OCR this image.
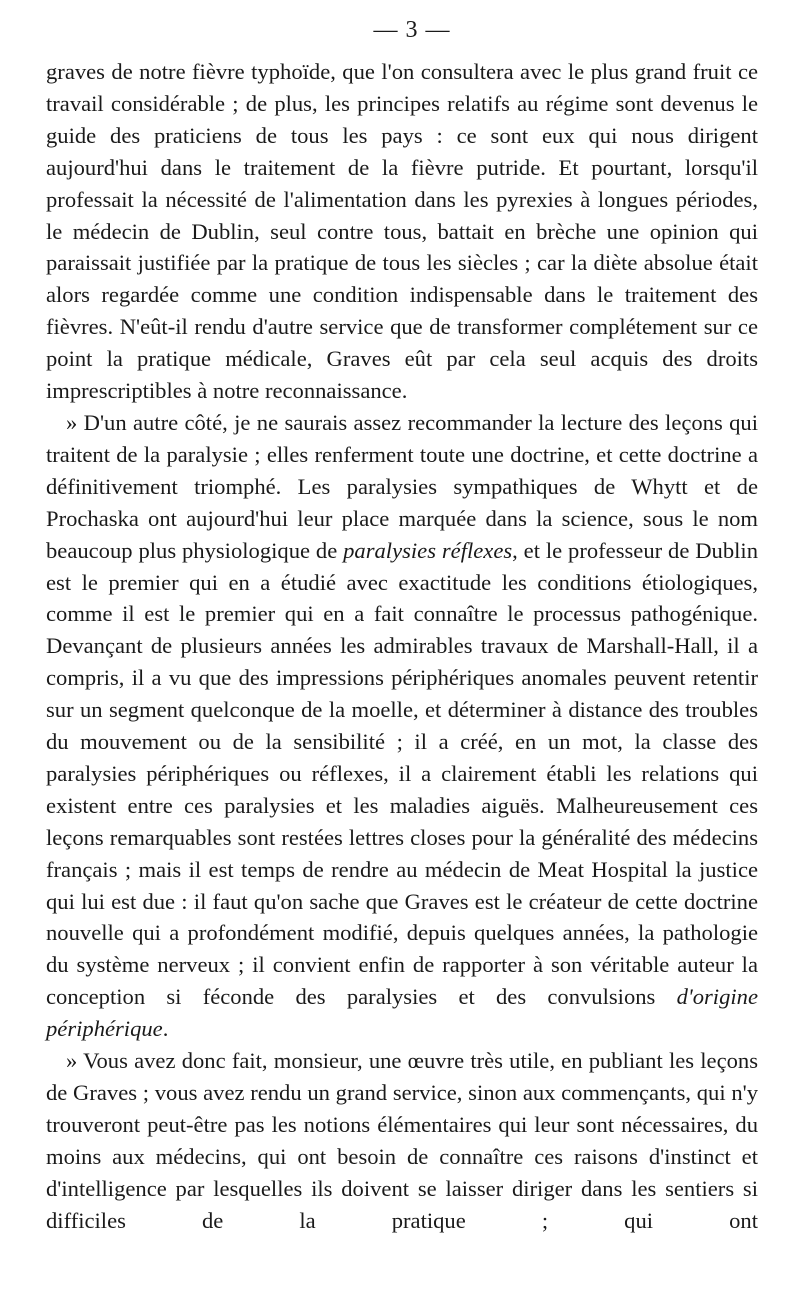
— 3 —

graves de notre fièvre typhoïde, que l'on consultera avec le plus grand fruit ce travail considérable ; de plus, les principes relatifs au régime sont devenus le guide des praticiens de tous les pays : ce sont eux qui nous dirigent aujourd'hui dans le traitement de la fièvre putride. Et pourtant, lorsqu'il professait la nécessité de l'alimentation dans les pyrexies à longues périodes, le médecin de Dublin, seul contre tous, battait en brèche une opinion qui paraissait justifiée par la pratique de tous les siècles ; car la diète absolue était alors regardée comme une condition indispensable dans le traitement des fièvres. N'eût-il rendu d'autre service que de transformer complétement sur ce point la pratique médicale, Graves eût par cela seul acquis des droits imprescriptibles à notre reconnaissance.

» D'un autre côté, je ne saurais assez recommander la lecture des leçons qui traitent de la paralysie ; elles renferment toute une doctrine, et cette doctrine a définitivement triomphé. Les paralysies sympathiques de Whytt et de Prochaska ont aujourd'hui leur place marquée dans la science, sous le nom beaucoup plus physiologique de paralysies réflexes, et le professeur de Dublin est le premier qui en a étudié avec exactitude les conditions étiologiques, comme il est le premier qui en a fait connaître le processus pathogénique. Devançant de plusieurs années les admirables travaux de Marshall-Hall, il a compris, il a vu que des impressions périphériques anomales peuvent retentir sur un segment quelconque de la moelle, et déterminer à distance des troubles du mouvement ou de la sensibilité ; il a créé, en un mot, la classe des paralysies périphériques ou réflexes, il a clairement établi les relations qui existent entre ces paralysies et les maladies aiguës. Malheureusement ces leçons remarquables sont restées lettres closes pour la généralité des médecins français ; mais il est temps de rendre au médecin de Meat Hospital la justice qui lui est due : il faut qu'on sache que Graves est le créateur de cette doctrine nouvelle qui a profondément modifié, depuis quelques années, la pathologie du système nerveux ; il convient enfin de rapporter à son véritable auteur la conception si féconde des paralysies et des convulsions d'origine périphérique.

» Vous avez donc fait, monsieur, une œuvre très utile, en publiant les leçons de Graves ; vous avez rendu un grand service, sinon aux commençants, qui n'y trouveront peut-être pas les notions élémentaires qui leur sont nécessaires, du moins aux médecins, qui ont besoin de connaître ces raisons d'instinct et d'intelligence par lesquelles ils doivent se laisser diriger dans les sentiers si difficiles de la pratique ; qui ont
